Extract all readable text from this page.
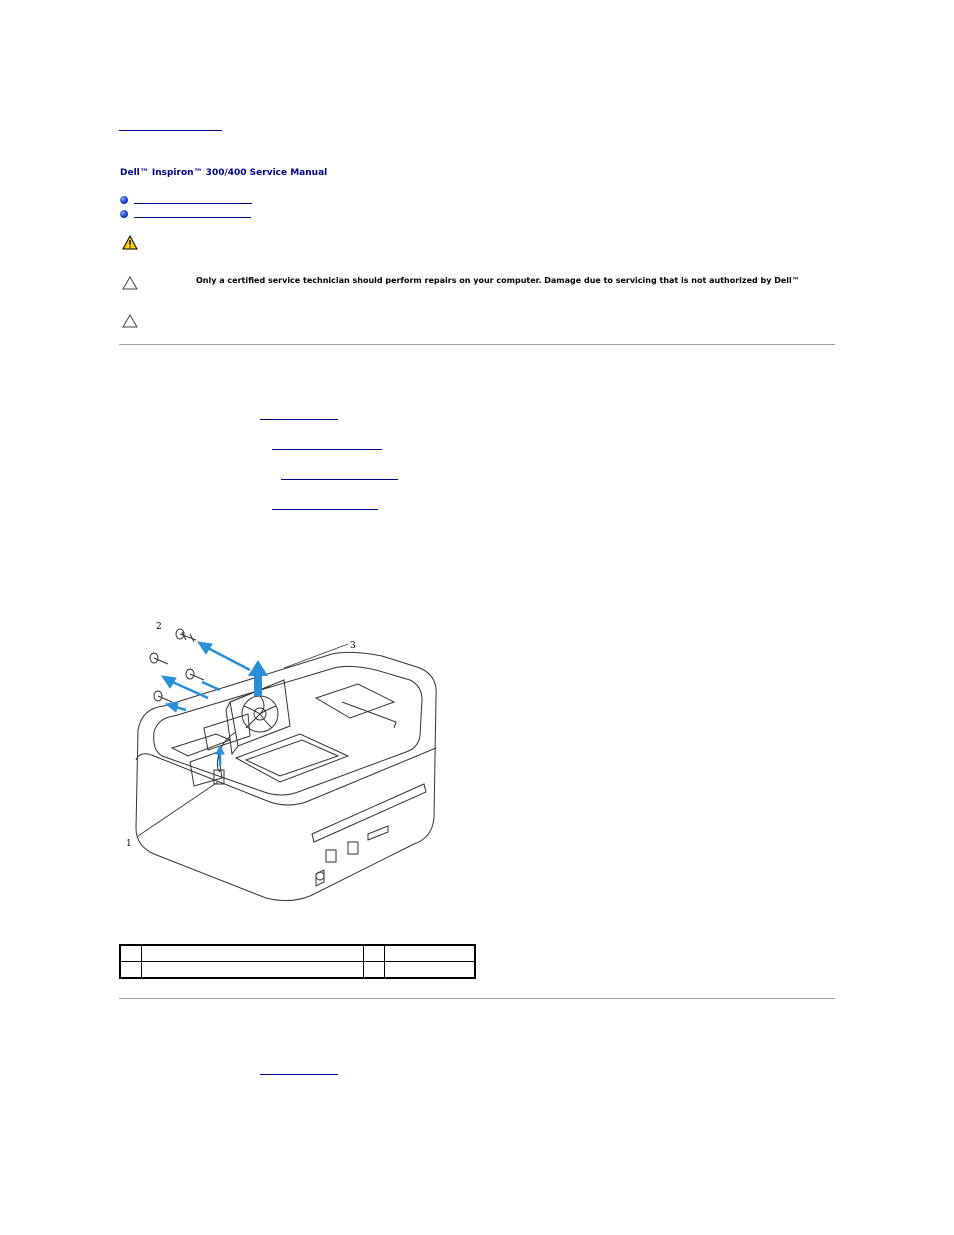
Dell™ Inspiron™ 300/400 Service Manual
Only a certified service technician should perform repairs on your computer. Damage due to servicing that is not authorized by Dell™
2
3
1
